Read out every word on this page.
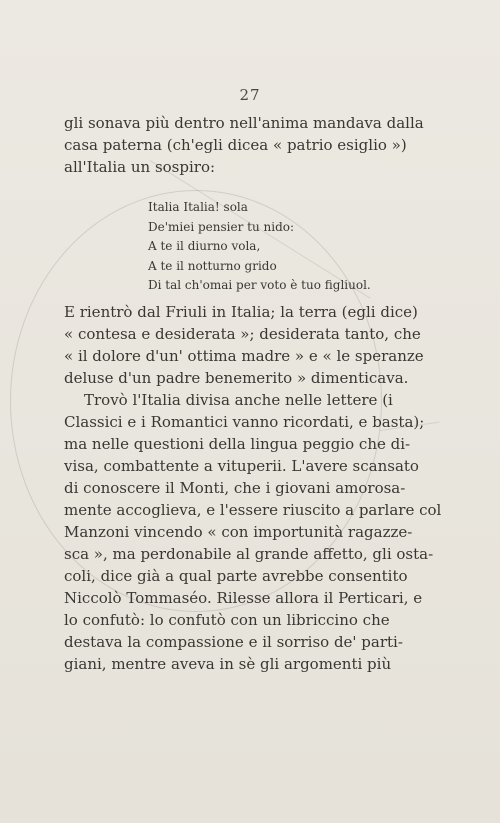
27
gli sonava più dentro nell'anima mandava dalla
casa paterna (ch'egli dicea « patrio esiglio »)
all'Italia un sospiro:
Italia Italia! sola
De'miei pensier tu nido:
A te il diurno vola,
A te il notturno grido
Di tal ch'omai per voto è tuo figliuol.
E rientrò dal Friuli in Italia; la terra (egli dice)
« contesa e desiderata »; desiderata tanto, che
« il dolore d'un' ottima madre » e « le speranze
deluse d'un padre benemerito » dimenticava.
Trovò l'Italia divisa anche nelle lettere (i
Classici e i Romantici vanno ricordati, e basta);
ma nelle questioni della lingua peggio che di-
visa, combattente a vituperii. L'avere scansato
di conoscere il Monti, che i giovani amorosa-
mente accoglieva, e l'essere riuscito a parlare col
Manzoni vincendo « con importunità ragazze-
sca », ma perdonabile al grande affetto, gli osta-
coli, dice già a qual parte avrebbe consentito
Niccolò Tommaséo. Rilesse allora il Perticari, e
lo confutò: lo confutò con un libriccino che
destava la compassione e il sorriso de' parti-
giani, mentre aveva in sè gli argomenti più
